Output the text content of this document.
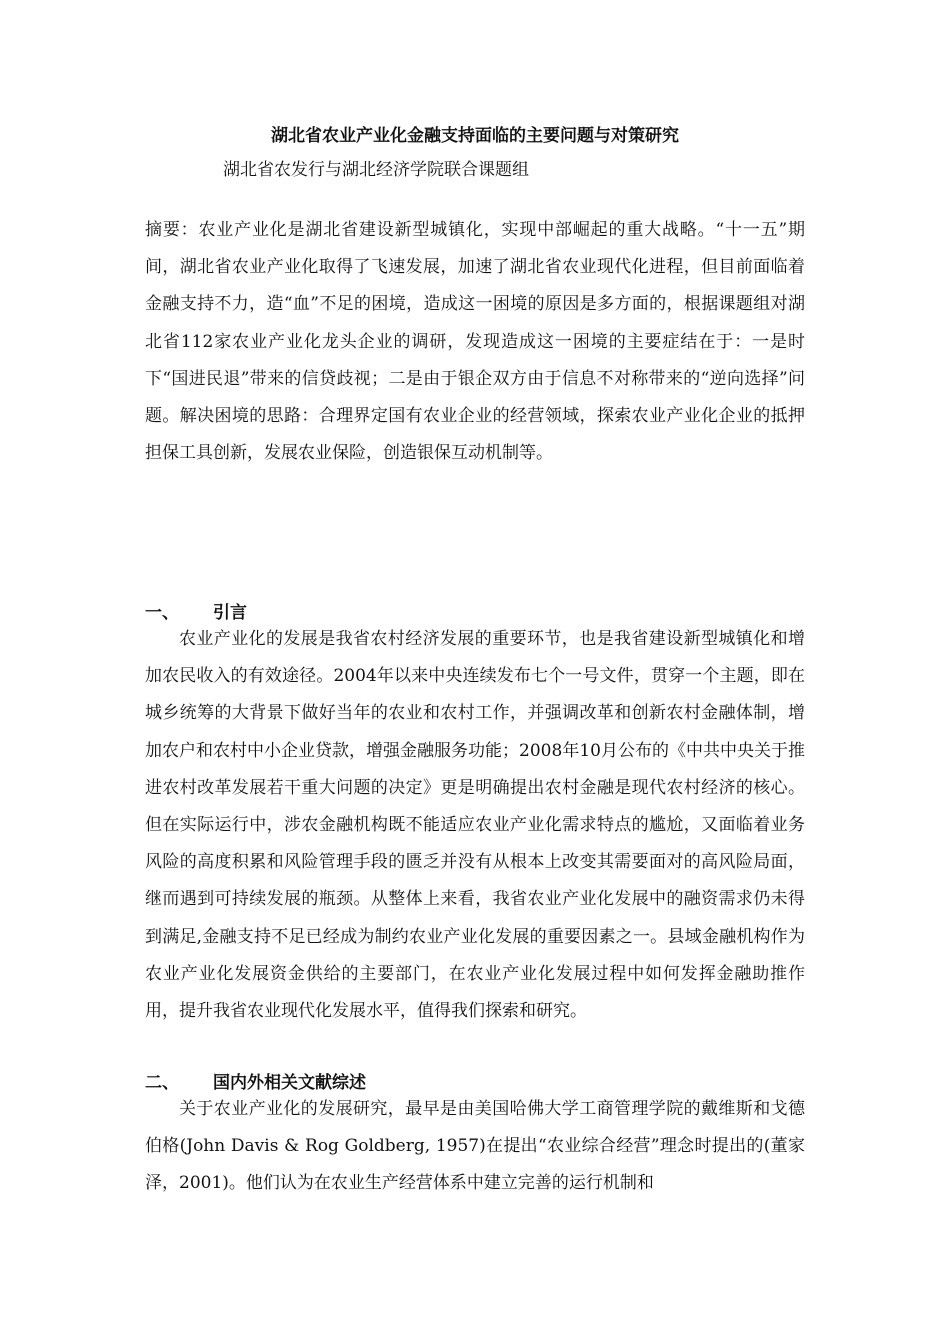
湖北省农业产业化金融支持面临的主要问题与对策研究
湖北省农发行与湖北经济学院联合课题组

摘要：农业产业化是湖北省建设新型城镇化，实现中部崛起的重大战略。“十一五”期间，湖北省农业产业化取得了飞速发展，加速了湖北省农业现代化进程，但目前面临着金融支持不力，造“血”不足的困境，造成这一困境的原因是多方面的，根据课题组对湖北省112家农业产业化龙头企业的调研，发现造成这一困境的主要症结在于：一是时下“国进民退”带来的信贷歧视；二是由于银企双方由于信息不对称带来的“逆向选择”问题。解决困境的思路：合理界定国有农业企业的经营领域，探索农业产业化企业的抵押担保工具创新，发展农业保险，创造银保互动机制等。

一、 引言

农业产业化的发展是我省农村经济发展的重要环节，也是我省建设新型城镇化和增加农民收入的有效途径。2004年以来中央连续发布七个一号文件，贯穿一个主题，即在城乡统筹的大背景下做好当年的农业和农村工作，并强调改革和创新农村金融体制，增加农户和农村中小企业贷款，增强金融服务功能；2008年10月公布的《中共中央关于推进农村改革发展若干重大问题的决定》更是明确提出农村金融是现代农村经济的核心。但在实际运行中，涉农金融机构既不能适应农业产业化需求特点的尴尬，又面临着业务风险的高度积累和风险管理手段的匮乏并没有从根本上改变其需要面对的高风险局面，继而遇到可持续发展的瓶颈。从整体上来看，我省农业产业化发展中的融资需求仍未得到满足,金融支持不足已经成为制约农业产业化发展的重要因素之一。县域金融机构作为农业产业化发展资金供给的主要部门，在农业产业化发展过程中如何发挥金融助推作用，提升我省农业现代化发展水平，值得我们探索和研究。

二、 国内外相关文献综述

关于农业产业化的发展研究，最早是由美国哈佛大学工商管理学院的戴维斯和戈德伯格(John Davis & Rog Goldberg, 1957)在提出“农业综合经营”理念时提出的(董家泽，2001)。他们认为在农业生产经营体系中建立完善的运行机制和
